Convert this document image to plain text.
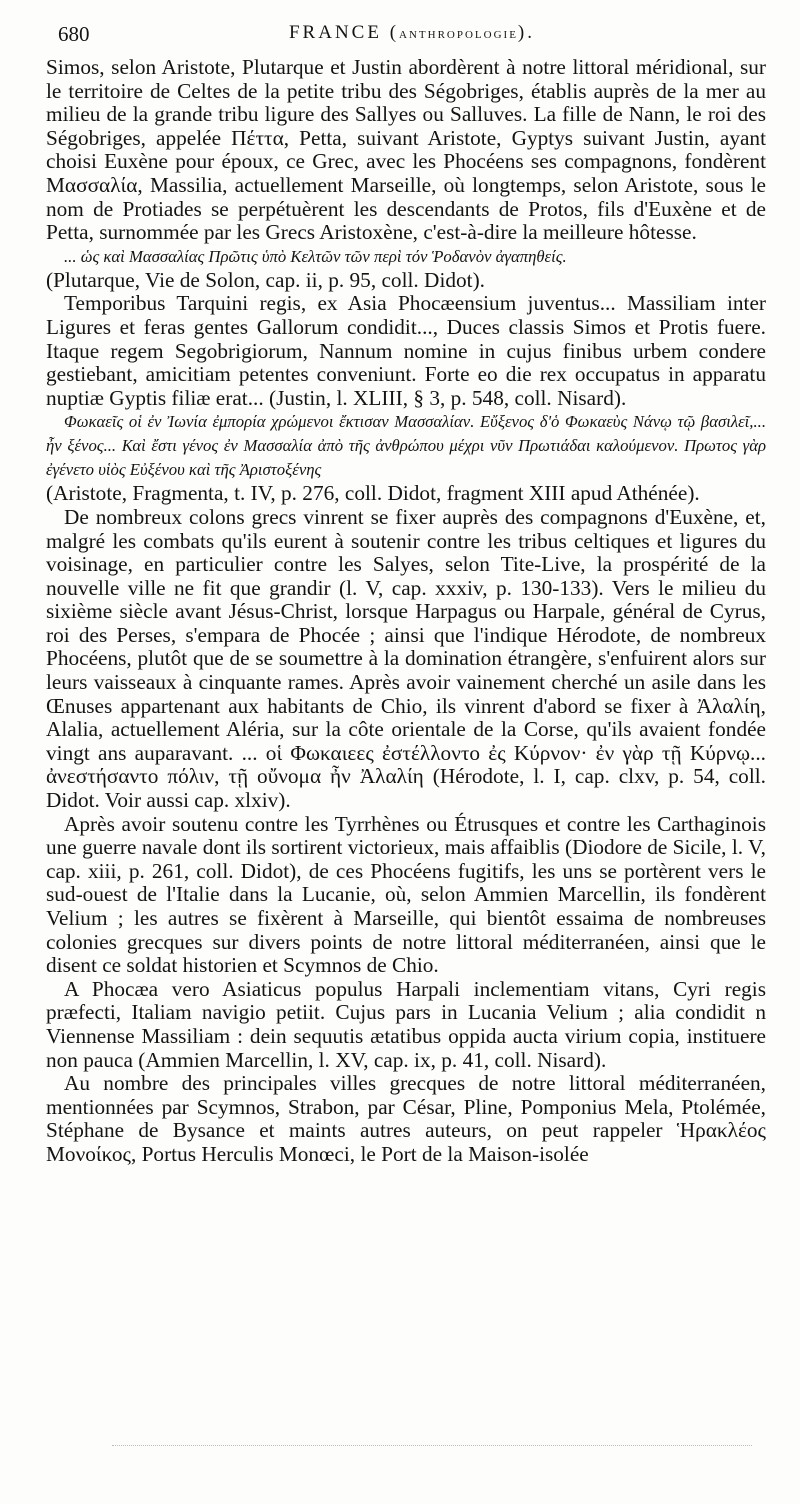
680	FRANCE (anthropologie).

Simos, selon Aristote, Plutarque et Justin abordèrent à notre littoral méridional, sur le territoire de Celtes de la petite tribu des Ségobriges, établis auprès de la mer au milieu de la grande tribu ligure des Sallyes ou Salluves. La fille de Nann, le roi des Ségobriges, appelée Πέττα, Petta, suivant Aristote, Gyptys suivant Justin, ayant choisi Euxène pour époux, ce Grec, avec les Phocéens ses compagnons, fondèrent Μασσαλία, Massilia, actuellement Marseille, où longtemps, selon Aristote, sous le nom de Protiades se perpétuèrent les descendants de Protos, fils d'Euxène et de Petta, surnommée par les Grecs Aristoxène, c'est-à-dire la meilleure hôtesse.

... ὡς καὶ Μασσαλίας Πρῶτις ὑπὸ Κελτῶν τῶν περὶ τόν Ῥοδανὸν ἀγαπηθείς.

(Plutarque, Vie de Solon, cap. ii, p. 95, coll. Didot).

Temporibus Tarquini regis, ex Asia Phocæensium juventus... Massiliam inter Ligures et feras gentes Gallorum condidit..., Duces classis Simos et Protis fuere. Itaque regem Segobrigiorum, Nannum nomine in cujus finibus urbem condere gestiebant, amicitiam petentes conveniunt. Forte eo die rex occupatus in apparatu nuptiæ Gyptis filiæ erat... (Justin, l. XLIII, § 3, p. 548, coll. Nisard).

Φωκαεῖς οἱ ἐν Ἰωνία ἐμπορία χρώμενοι ἔκτισαν Μασσαλίαν. Εὔξενος δ'ὁ Φωκαεὺς Νάνῳ τῷ βασιλεῖ,... ἦν ξένος... Καὶ ἔστι γένος ἐν Μασσαλία ἀπὸ τῆς ἀνθρώπου μέχρι νῦν Πρωτιάδαι καλούμενον. Πρωτος γὰρ ἐγένετο υἱὸς Εὐξένου καὶ τῆς Ἀριστοξένης

(Aristote, Fragmenta, t. IV, p. 276, coll. Didot, fragment XIII apud Athénée).

De nombreux colons grecs vinrent se fixer auprès des compagnons d'Euxène, et, malgré les combats qu'ils eurent à soutenir contre les tribus celtiques et ligures du voisinage, en particulier contre les Salyes, selon Tite-Live, la prospérité de la nouvelle ville ne fit que grandir (l. V, cap. xxxiv, p. 130-133). Vers le milieu du sixième siècle avant Jésus-Christ, lorsque Harpagus ou Harpale, général de Cyrus, roi des Perses, s'empara de Phocée ; ainsi que l'indique Hérodote, de nombreux Phocéens, plutôt que de se soumettre à la domination étrangère, s'enfuirent alors sur leurs vaisseaux à cinquante rames. Après avoir vainement cherché un asile dans les Œnuses appartenant aux habitants de Chio, ils vinrent d'abord se fixer à Ἀλαλίη, Alalia, actuellement Aléria, sur la côte orientale de la Corse, qu'ils avaient fondée vingt ans auparavant. ... οἱ Φωκαιεες ἐστέλλοντο ἐς Κύρνον· ἐν γὰρ τῇ Κύρνῳ... ἀνεστήσαντο πόλιν, τῇ οὔνομα ἦν Ἀλαλίη (Hérodote, l. I, cap. clxv, p. 54, coll. Didot. Voir aussi cap. xlxiv).

Après avoir soutenu contre les Tyrrhènes ou Étrusques et contre les Carthaginois une guerre navale dont ils sortirent victorieux, mais affaiblis (Diodore de Sicile, l. V, cap. xiii, p. 261, coll. Didot), de ces Phocéens fugitifs, les uns se portèrent vers le sud-ouest de l'Italie dans la Lucanie, où, selon Ammien Marcellin, ils fondèrent Velium ; les autres se fixèrent à Marseille, qui bientôt essaima de nombreuses colonies grecques sur divers points de notre littoral méditerranéen, ainsi que le disent ce soldat historien et Scymnos de Chio.

A Phocæa vero Asiaticus populus Harpali inclementiam vitans, Cyri regis præfecti, Italiam navigio petiit. Cujus pars in Lucania Velium ; alia condidit n Viennense Massiliam : dein sequutis ætatibus oppida aucta virium copia, instituere non pauca (Ammien Marcellin, l. XV, cap. ix, p. 41, coll. Nisard).

Au nombre des principales villes grecques de notre littoral méditerranéen, mentionnées par Scymnos, Strabon, par César, Pline, Pomponius Mela, Ptolémée, Stéphane de Bysance et maints autres auteurs, on peut rappeler Ἡρακλέος Μονοίκος, Portus Herculis Monœci, le Port de la Maison-isolée
